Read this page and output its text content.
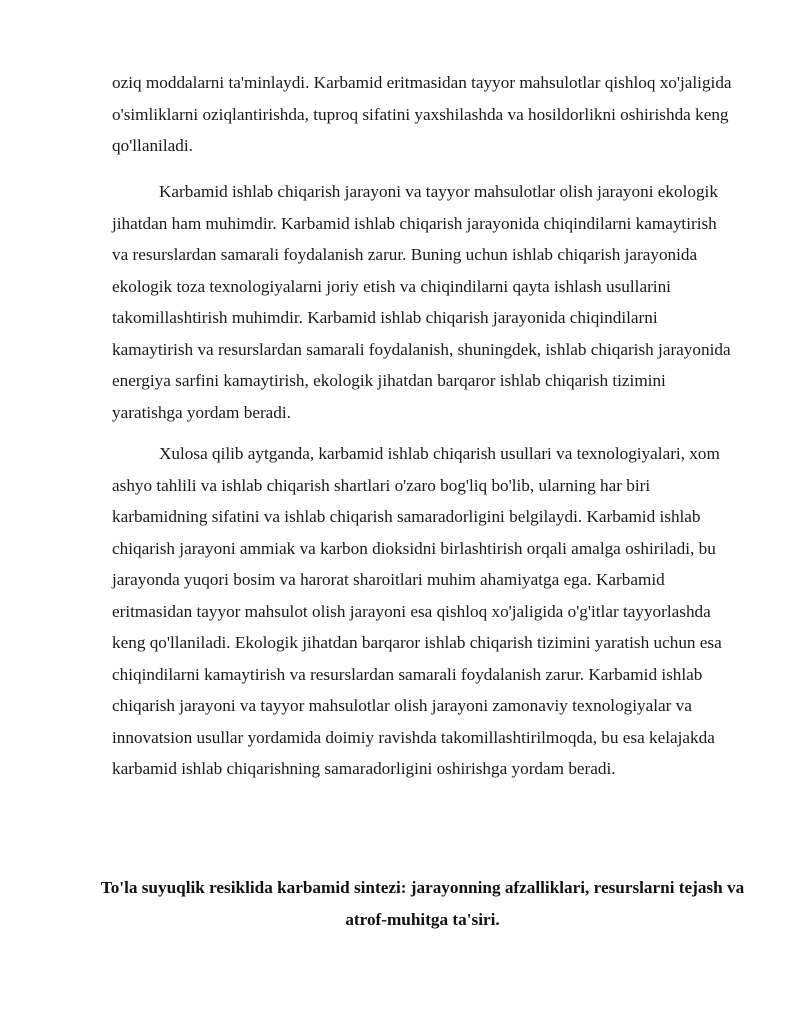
oziq moddalarni ta'minlaydi. Karbamid eritmasidan tayyor mahsulotlar qishloq xo'jaligida o'simliklarni oziqlantirishda, tuproq sifatini yaxshilashda va hosildorlikni oshirishda keng qo'llaniladi.

Karbamid ishlab chiqarish jarayoni va tayyor mahsulotlar olish jarayoni ekologik jihatdan ham muhimdir. Karbamid ishlab chiqarish jarayonida chiqindilarni kamaytirish va resurslardan samarali foydalanish zarur. Buning uchun ishlab chiqarish jarayonida ekologik toza texnologiyalarni joriy etish va chiqindilarni qayta ishlash usullarini takomillashtirish muhimdir. Karbamid ishlab chiqarish jarayonida chiqindilarni kamaytirish va resurslardan samarali foydalanish, shuningdek, ishlab chiqarish jarayonida energiya sarfini kamaytirish, ekologik jihatdan barqaror ishlab chiqarish tizimini yaratishga yordam beradi.

Xulosa qilib aytganda, karbamid ishlab chiqarish usullari va texnologiyalari, xom ashyo tahlili va ishlab chiqarish shartlari o'zaro bog'liq bo'lib, ularning har biri karbamidning sifatini va ishlab chiqarish samaradorligini belgilaydi. Karbamid ishlab chiqarish jarayoni ammiak va karbon dioksidni birlashtirish orqali amalga oshiriladi, bu jarayonda yuqori bosim va harorat sharoitlari muhim ahamiyatga ega. Karbamid eritmasidan tayyor mahsulot olish jarayoni esa qishloq xo'jaligida o'g'itlar tayyorlashda keng qo'llaniladi. Ekologik jihatdan barqaror ishlab chiqarish tizimini yaratish uchun esa chiqindilarni kamaytirish va resurslardan samarali foydalanish zarur. Karbamid ishlab chiqarish jarayoni va tayyor mahsulotlar olish jarayoni zamonaviy texnologiyalar va innovatsion usullar yordamida doimiy ravishda takomillashtirilmoqda, bu esa kelajakda karbamid ishlab chiqarishning samaradorligini oshirishga yordam beradi.

To'la suyuqlik resiklida karbamid sintezi: jarayonning afzalliklari, resurslarni tejash va atrof-muhitga ta'siri.
